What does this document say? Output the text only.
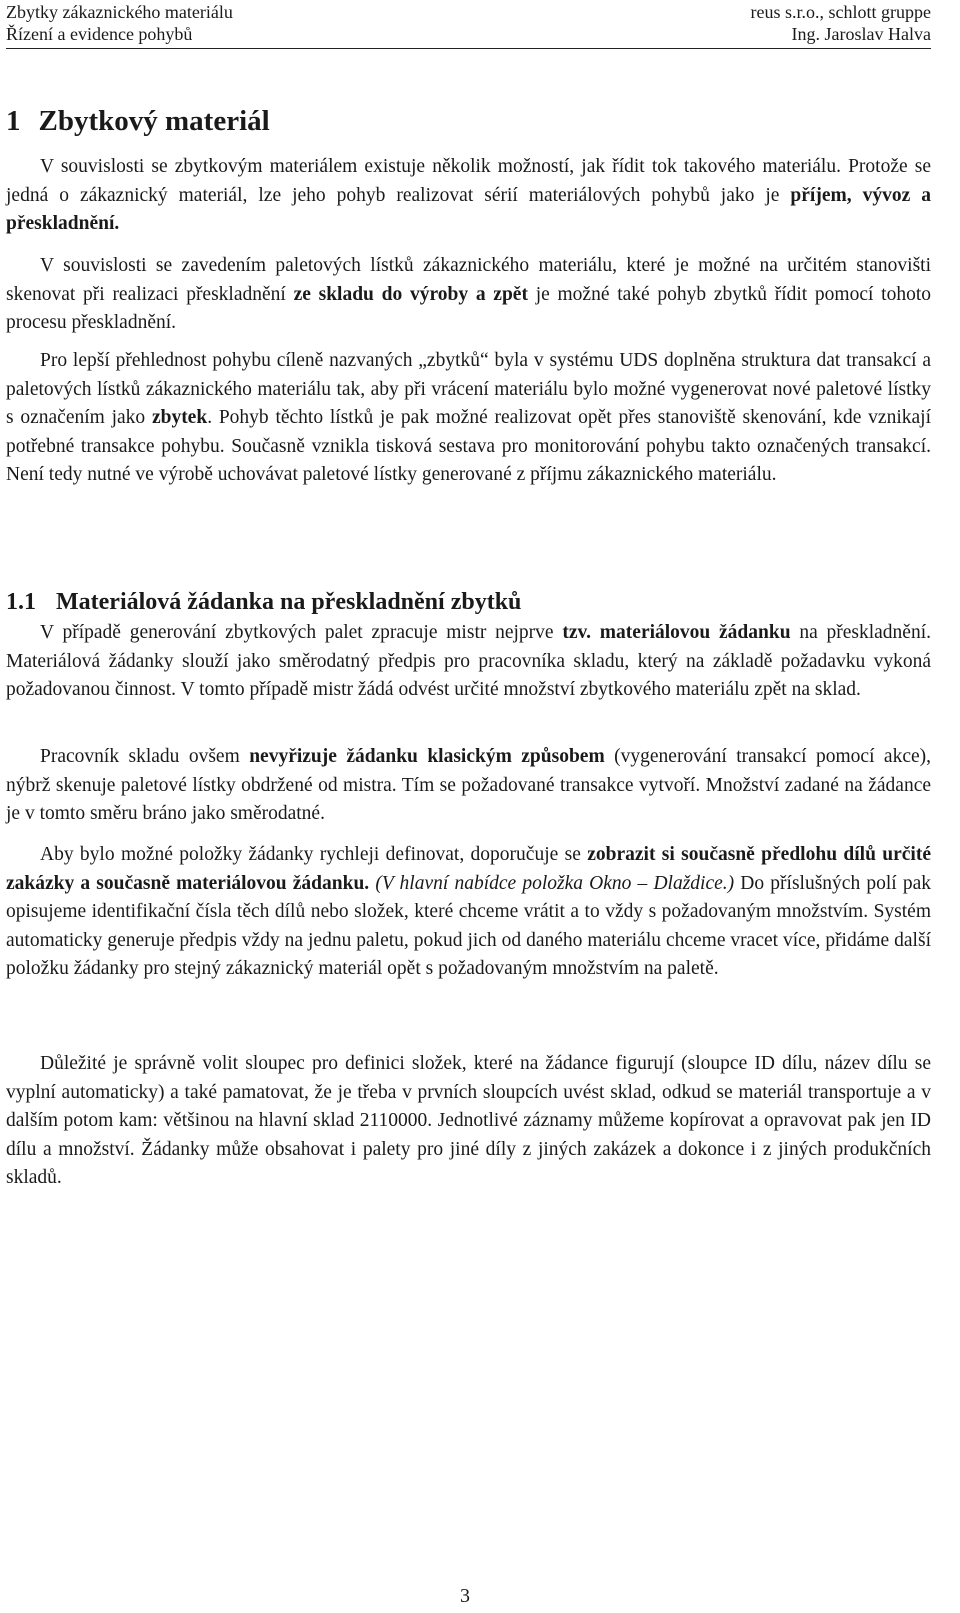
Zbytky zákaznického materiálu	reus s.r.o., schlott gruppe
Řízení a evidence pohybů	Ing. Jaroslav Halva
1 Zbytkový materiál

V souvislosti se zbytkovým materiálem existuje několik možností, jak řídit tok takového materiálu. Protože se jedná o zákaznický materiál, lze jeho pohyb realizovat sérií materiálových pohybů jako je příjem, vývoz a přeskladnění.

V souvislosti se zavedením paletových lístků zákaznického materiálu, které je možné na určitém stanovišti skenovat při realizaci přeskladnění ze skladu do výroby a zpět je možné také pohyb zbytků řídit pomocí tohoto procesu přeskladnění.

Pro lepší přehlednost pohybu cíleně nazvaných „zbytků“ byla v systému UDS doplněna struktura dat transakcí a paletových lístků zákaznického materiálu tak, aby při vrácení materiálu bylo možné vygenerovat nové paletové lístky s označením jako zbytek. Pohyb těchto lístků je pak možné realizovat opět přes stanoviště skenování, kde vznikají potřebné transakce pohybu. Současně vznikla tisková sestava pro monitorování pohybu takto označených transakcí. Není tedy nutné ve výrobě uchovávat paletové lístky generované z příjmu zákaznického materiálu.

1.1 Materiálová žádanka na přeskladnění zbytků

V případě generování zbytkových palet zpracuje mistr nejprve tzv. materiálovou žádanku na přeskladnění. Materiálová žádanky slouží jako směrodatný předpis pro pracovníka skladu, který na základě požadavku vykoná požadovanou činnost. V tomto případě mistr žádá odvést určité množství zbytkového materiálu zpět na sklad.

Pracovník skladu ovšem nevyřizuje žádanku klasickým způsobem (vygenerování transakcí pomocí akce), nýbrž skenuje paletové lístky obdržené od mistra. Tím se požadované transakce vytvoří. Množství zadané na žádance je v tomto směru bráno jako směrodatné.

Aby bylo možné položky žádanky rychleji definovat, doporučuje se zobrazit si současně předlohu dílů určité zakázky a současně materiálovou žádanku. (V hlavní nabídce položka Okno – Dlaždice.) Do příslušných polí pak opisujeme identifikační čísla těch dílů nebo složek, které chceme vrátit a to vždy s požadovaným množstvím. Systém automaticky generuje předpis vždy na jednu paletu, pokud jich od daného materiálu chceme vracet více, přidáme další položku žádanky pro stejný zákaznický materiál opět s požadovaným množstvím na paletě.

Důležité je správně volit sloupec pro definici složek, které na žádance figurují (sloupce ID dílu, název dílu se vyplní automaticky) a také pamatovat, že je třeba v prvních sloupcích uvést sklad, odkud se materiál transportuje a v dalším potom kam: většinou na hlavní sklad 2110000. Jednotlivé záznamy můžeme kopírovat a opravovat pak jen ID dílu a množství. Žádanky může obsahovat i palety pro jiné díly z jiných zakázek a dokonce i z jiných produkčních skladů.

3
